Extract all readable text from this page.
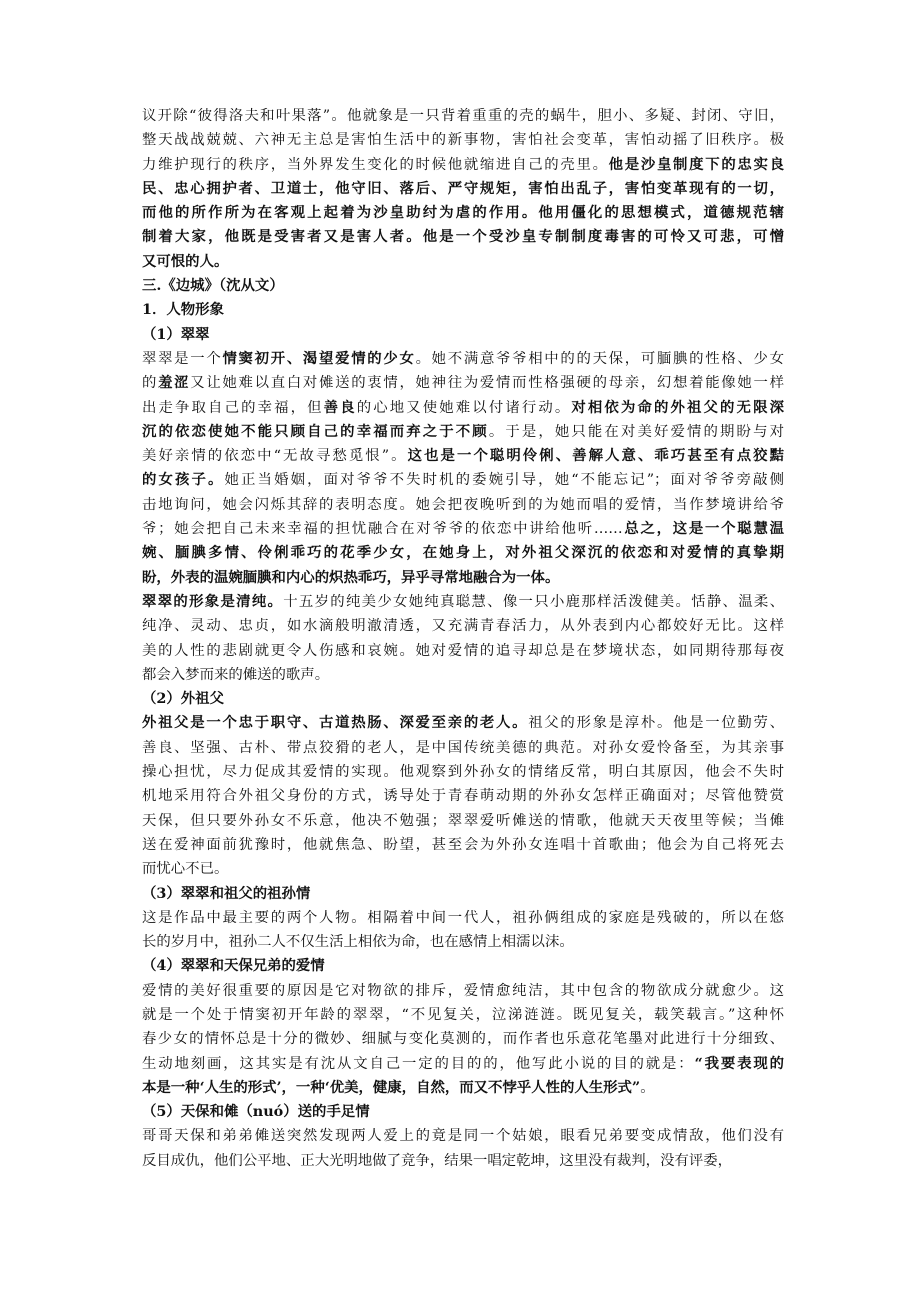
议开除“彼得洛夫和叶果落”。他就象是一只背着重重的壳的蜗牛，胆小、多疑、封闭、守旧，
整天战战兢兢、六神无主总是害怕生活中的新事物，害怕社会变革，害怕动摇了旧秩序。极
力维护现行的秩序，当外界发生变化的时候他就缩进自己的壳里。他是沙皇制度下的忠实良
民、忠心拥护者、卫道士，他守旧、落后、严守规矩，害怕出乱子，害怕变革现有的一切，
而他的所作所为在客观上起着为沙皇助纣为虐的作用。他用僵化的思想模式，道德规范辖
制着大家，他既是受害者又是害人者。他是一个受沙皇专制制度毒害的可怜又可悲，可憎
又可恨的人。
三.《边城》（沈从文）
1．人物形象
（1）翠翠
翠翠是一个情窦初开、渴望爱情的少女。她不满意爷爷相中的的天保，可腼腆的性格、少女
的羞涩又让她难以直白对傩送的衷情，她神往为爱情而性格强硬的母亲，幻想着能像她一样
出走争取自己的幸福，但善良的心地又使她难以付诸行动。对相依为命的外祖父的无限深
沉的依恋使她不能只顾自己的幸福而弃之于不顾。于是，她只能在对美好爱情的期盼与对
美好亲情的依恋中“无故寻愁觅恨”。这也是一个聪明伶俐、善解人意、乖巧甚至有点狡黠
的女孩子。她正当婚姻，面对爷爷不失时机的委婉引导，她“不能忘记”；面对爷爷旁敲侧
击地询问，她会闪烁其辞的表明态度。她会把夜晚听到的为她而唱的爱情，当作梦境讲给爷
爷；她会把自己未来幸福的担忧融合在对爷爷的依恋中讲给他听……总之，这是一个聪慧温
婉、腼腆多情、伶俐乖巧的花季少女，在她身上，对外祖父深沉的依恋和对爱情的真挚期
盼，外表的温婉腼腆和内心的炽热乖巧，异乎寻常地融合为一体。
翠翠的形象是清纯。十五岁的纯美少女她纯真聪慧、像一只小鹿那样活泼健美。恬静、温柔、
纯净、灵动、忠贞，如水滴般明澈清透，又充满青春活力，从外表到内心都姣好无比。这样
美的人性的悲剧就更令人伤感和哀婉。她对爱情的追寻却总是在梦境状态，如同期待那每夜
都会入梦而来的傩送的歌声。
（2）外祖父
外祖父是一个忠于职守、古道热肠、深爱至亲的老人。祖父的形象是淳朴。他是一位勤劳、
善良、坚强、古朴、带点狡猾的老人，是中国传统美德的典范。对孙女爱怜备至，为其亲事
操心担忧，尽力促成其爱情的实现。他观察到外孙女的情绪反常，明白其原因，他会不失时
机地采用符合外祖父身份的方式，诱导处于青春萌动期的外孙女怎样正确面对；尽管他赞赏
天保，但只要外孙女不乐意，他决不勉强；翠翠爱听傩送的情歌，他就天天夜里等候；当傩
送在爱神面前犹豫时，他就焦急、盼望，甚至会为外孙女连唱十首歌曲；他会为自己将死去
而忧心不已。
（3）翠翠和祖父的祖孙情
这是作品中最主要的两个人物。相隔着中间一代人，祖孙俩组成的家庭是残破的，所以在悠
长的岁月中，祖孙二人不仅生活上相依为命，也在感情上相濡以沫。
（4）翠翠和天保兄弟的爱情
爱情的美好很重要的原因是它对物欲的排斥，爱情愈纯洁，其中包含的物欲成分就愈少。这
就是一个处于情窦初开年龄的翠翠，“不见复关，泣涕涟涟。既见复关，载笑载言。”这种怀
春少女的情怀总是十分的微妙、细腻与变化莫测的，而作者也乐意花笔墨对此进行十分细致、
生动地刻画，这其实是有沈从文自己一定的目的的，他写此小说的目的就是：“我要表现的
本是一种‘人生的形式’，一种‘优美，健康，自然，而又不悖乎人性的人生形式”。
（5）天保和傩（nuó）送的手足情
哥哥天保和弟弟傩送突然发现两人爱上的竟是同一个姑娘，眼看兄弟要变成情敌，他们没有
反目成仇，他们公平地、正大光明地做了竞争，结果一唱定乾坤，这里没有裁判，没有评委，
